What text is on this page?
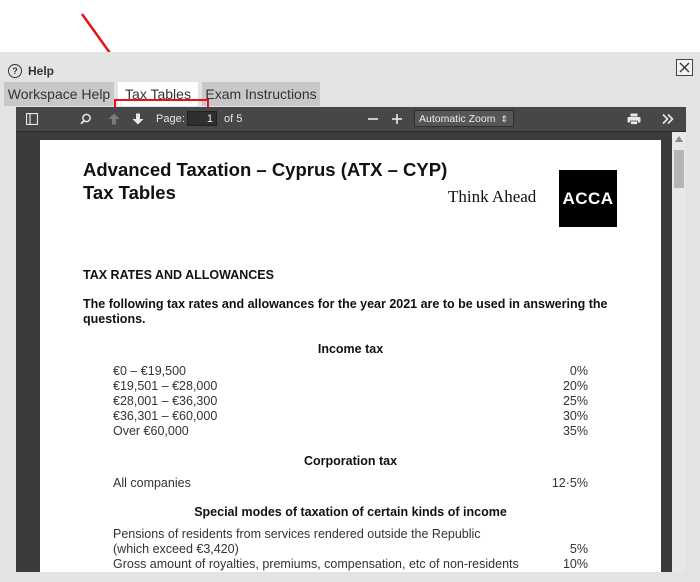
? Help
Workspace Help	Tax Tables	Exam Instructions
Page:	1	of 5	Automatic Zoom ⇕
Advanced Taxation – Cyprus (ATX – CYP)
Tax Tables	Think Ahead ACCA
TAX RATES AND ALLOWANCES
The following tax rates and allowances for the year 2021 are to be used in answering the questions.
Income tax
€0 – €19,500	0%
€19,501 – €28,000	20%
€28,001 – €36,300	25%
€36,301 – €60,000	30%
Over €60,000	35%
Corporation tax
All companies	12·5%
Special modes of taxation of certain kinds of income
Pensions of residents from services rendered outside the Republic
(which exceed €3,420)	5%
Gross amount of royalties, premiums, compensation, etc of non-residents	10%
